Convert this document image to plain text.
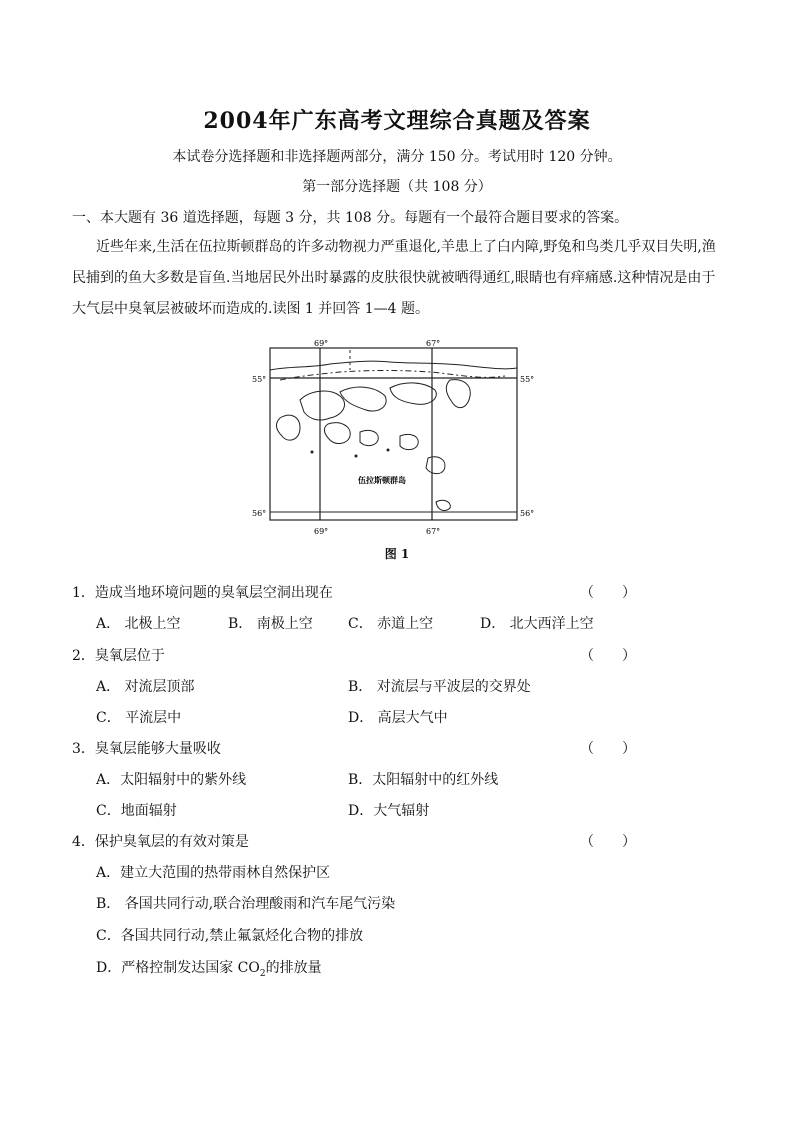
2004年广东高考文理综合真题及答案
本试卷分选择题和非选择题两部分，满分 150 分。考试用时 120 分钟。
第一部分选择题（共 108 分）
一、本大题有 36 道选择题，每题 3 分，共 108 分。每题有一个最符合题目要求的答案。
近些年来,生活在伍拉斯顿群岛的许多动物视力严重退化,羊患上了白内障,野兔和鸟类几乎双目失明,渔民捕到的鱼大多数是盲鱼.当地居民外出时暴露的皮肤很快就被晒得通红,眼睛也有痒痛感.这种情况是由于大气层中臭氧层被破坏而造成的.读图 1 并回答 1—4 题。
69°	67°
69°	67°
55°	55°
56°	56°
伍拉斯顿群岛
图 1
1．造成当地环境问题的臭氧层空洞出现在	（　　）
A． 北极上空	B． 南极上空	C． 赤道上空	D． 北大西洋上空
2．臭氧层位于	（　　）
A． 对流层顶部	B． 对流层与平波层的交界处
C． 平流层中	D． 高层大气中
3．臭氧层能够大量吸收	（　　）
A．太阳辐射中的紫外线	B．太阳辐射中的红外线
C．地面辐射	D．大气辐射
4．保护臭氧层的有效对策是	（　　）
A．建立大范围的热带雨林自然保护区
B． 各国共同行动,联合治理酸雨和汽车尾气污染
C．各国共同行动,禁止氟氯烃化合物的排放
D．严格控制发达国家 $CO_2$的排放量
